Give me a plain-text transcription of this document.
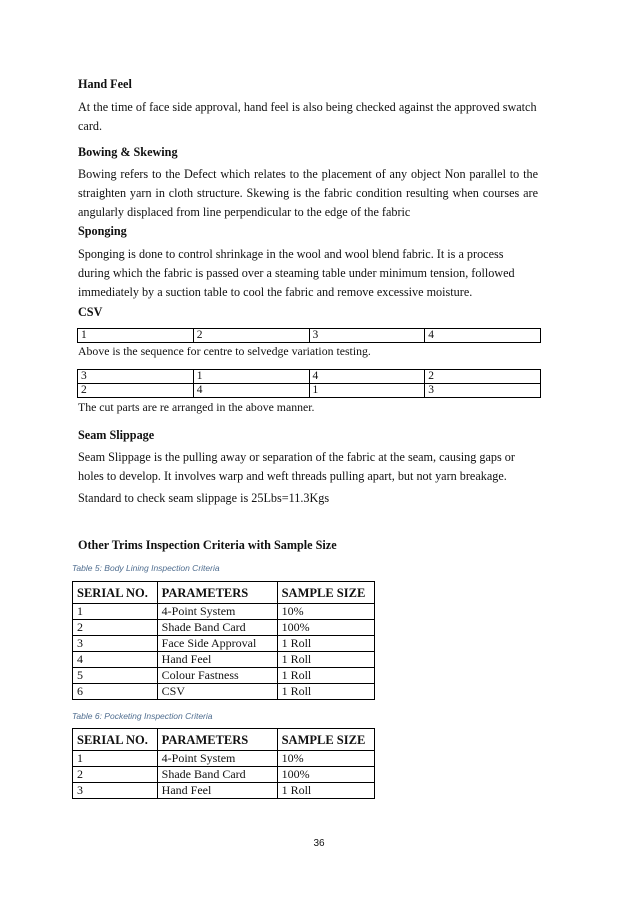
Hand Feel
At the time of face side approval, hand feel is also being checked against the approved swatch card.
Bowing & Skewing
Bowing refers to the Defect which relates to the placement of any object Non parallel to the straighten yarn in cloth structure. Skewing is the fabric condition resulting when courses are angularly displaced from line perpendicular to the edge of the fabric
Sponging
Sponging is done to control shrinkage in the wool and wool blend fabric. It is a process during which the fabric is passed over a steaming table under minimum tension, followed immediately by a suction table to cool the fabric and remove excessive moisture.
CSV
1	2	3	4
Above is the sequence for centre to selvedge variation testing.
3	1	4	2
2	4	1	3
The cut parts are re arranged in the above manner.
Seam Slippage
Seam Slippage is the pulling away or separation of the fabric at the seam, causing gaps or holes to develop. It involves warp and weft threads pulling apart, but not yarn breakage.
Standard to check seam slippage is 25Lbs=11.3Kgs
Other Trims Inspection Criteria with Sample Size
Table 5: Body Lining Inspection Criteria
SERIAL NO.	PARAMETERS	SAMPLE SIZE
1	4-Point System	10%
2	Shade Band Card	100%
3	Face Side Approval	1 Roll
4	Hand Feel	1 Roll
5	Colour Fastness	1 Roll
6	CSV	1 Roll
Table 6: Pocketing Inspection Criteria
SERIAL NO.	PARAMETERS	SAMPLE SIZE
1	4-Point System	10%
2	Shade Band Card	100%
3	Hand Feel	1 Roll
36
